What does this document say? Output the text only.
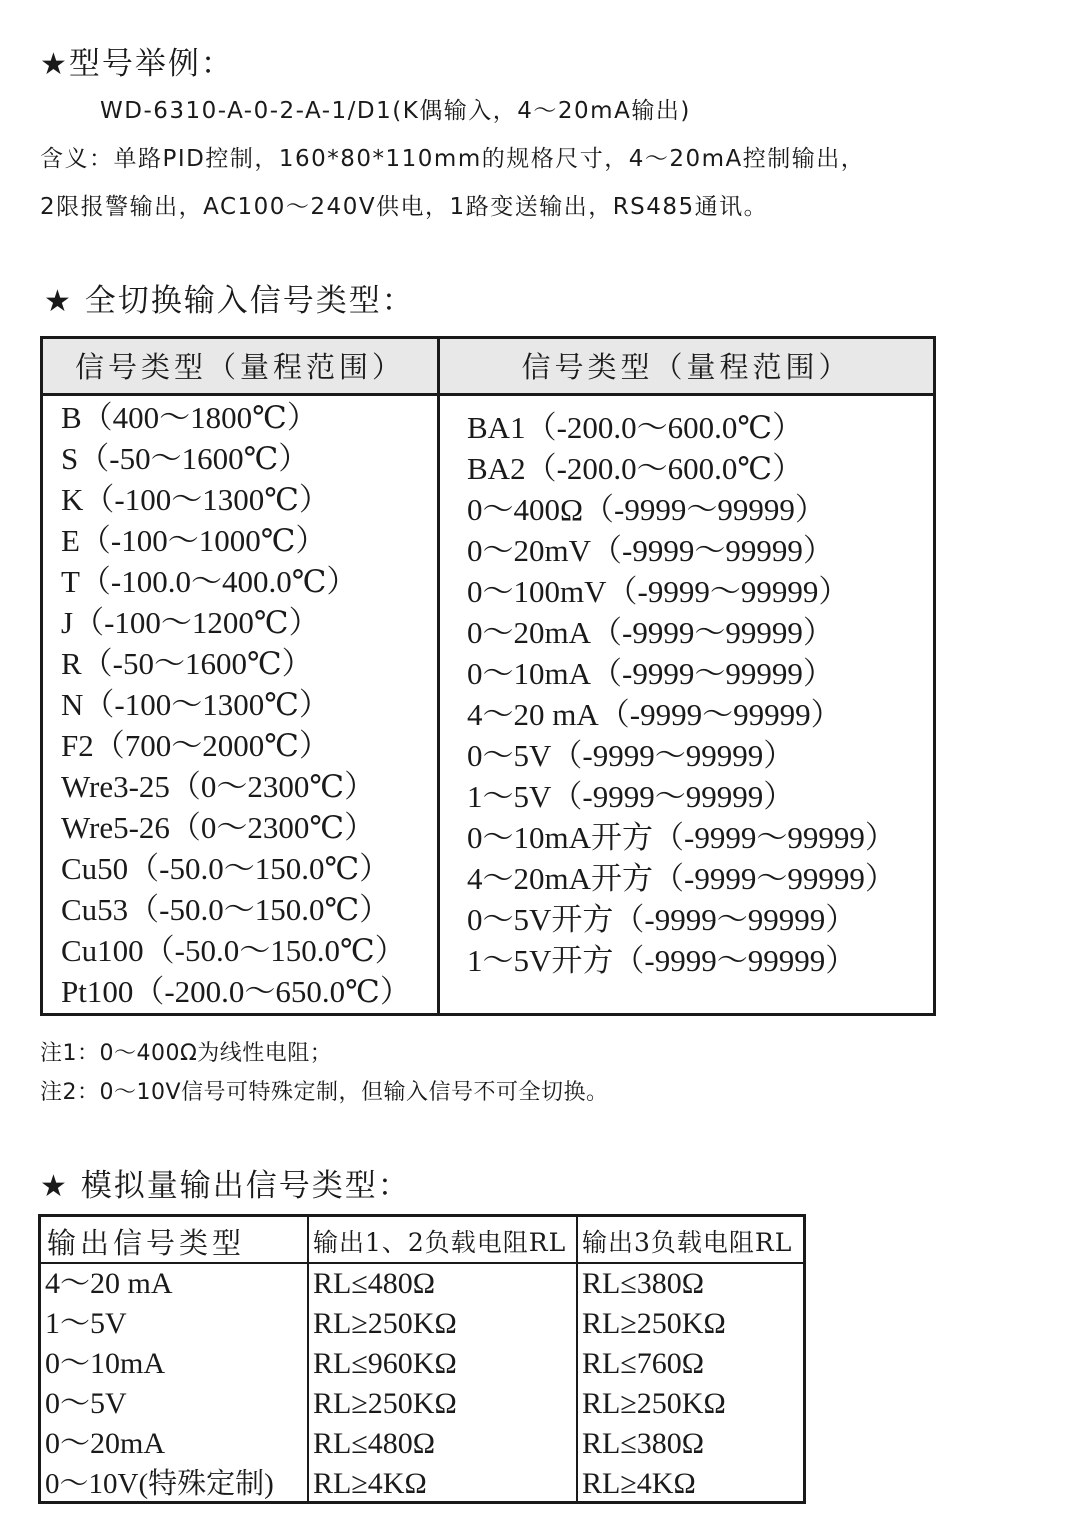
★型号举例：
WD-6310-A-0-2-A-1/D1(K偶输入，4～20mA输出)
含义：单路PID控制，160*80*110mm的规格尺寸，4～20mA控制输出，
2限报警输出，AC100～240V供电，1路变送输出，RS485通讯。
★ 全切换输入信号类型：
信号类型（量程范围）	信号类型（量程范围）
B（400～1800℃）
S（-50～1600℃）
K（-100～1300℃）
E（-100～1000℃）
T（-100.0～400.0℃）
J（-100～1200℃）
R（-50～1600℃）
N（-100～1300℃）
F2（700～2000℃）
Wre3-25（0～2300℃）
Wre5-26（0～2300℃）
Cu50（-50.0～150.0℃）
Cu53（-50.0～150.0℃）
Cu100（-50.0～150.0℃）
Pt100（-200.0～650.0℃）
BA1（-200.0～600.0℃）
BA2（-200.0～600.0℃）
0～400Ω（-9999～99999）
0～20mV（-9999～99999）
0～100mV（-9999～99999）
0～20mA（-9999～99999）
0～10mA（-9999～99999）
4～20 mA（-9999～99999）
0～5V（-9999～99999）
1～5V（-9999～99999）
0～10mA开方（-9999～99999）
4～20mA开方（-9999～99999）
0～5V开方（-9999～99999）
1～5V开方（-9999～99999）
注1：0～400Ω为线性电阻；
注2：0～10V信号可特殊定制，但输入信号不可全切换。
★ 模拟量输出信号类型：
输出信号类型	输出1、2负载电阻RL 输出3负载电阻RL
4～20 mA
1～5V
0～10mA
0～5V
0～20mA
0～10V(特殊定制)
RL≤480Ω
RL≥250KΩ
RL≤960KΩ
RL≥250KΩ
RL≤480Ω
RL≥4KΩ
RL≤380Ω
RL≥250KΩ
RL≤760Ω
RL≥250KΩ
RL≤380Ω
RL≥4KΩ
